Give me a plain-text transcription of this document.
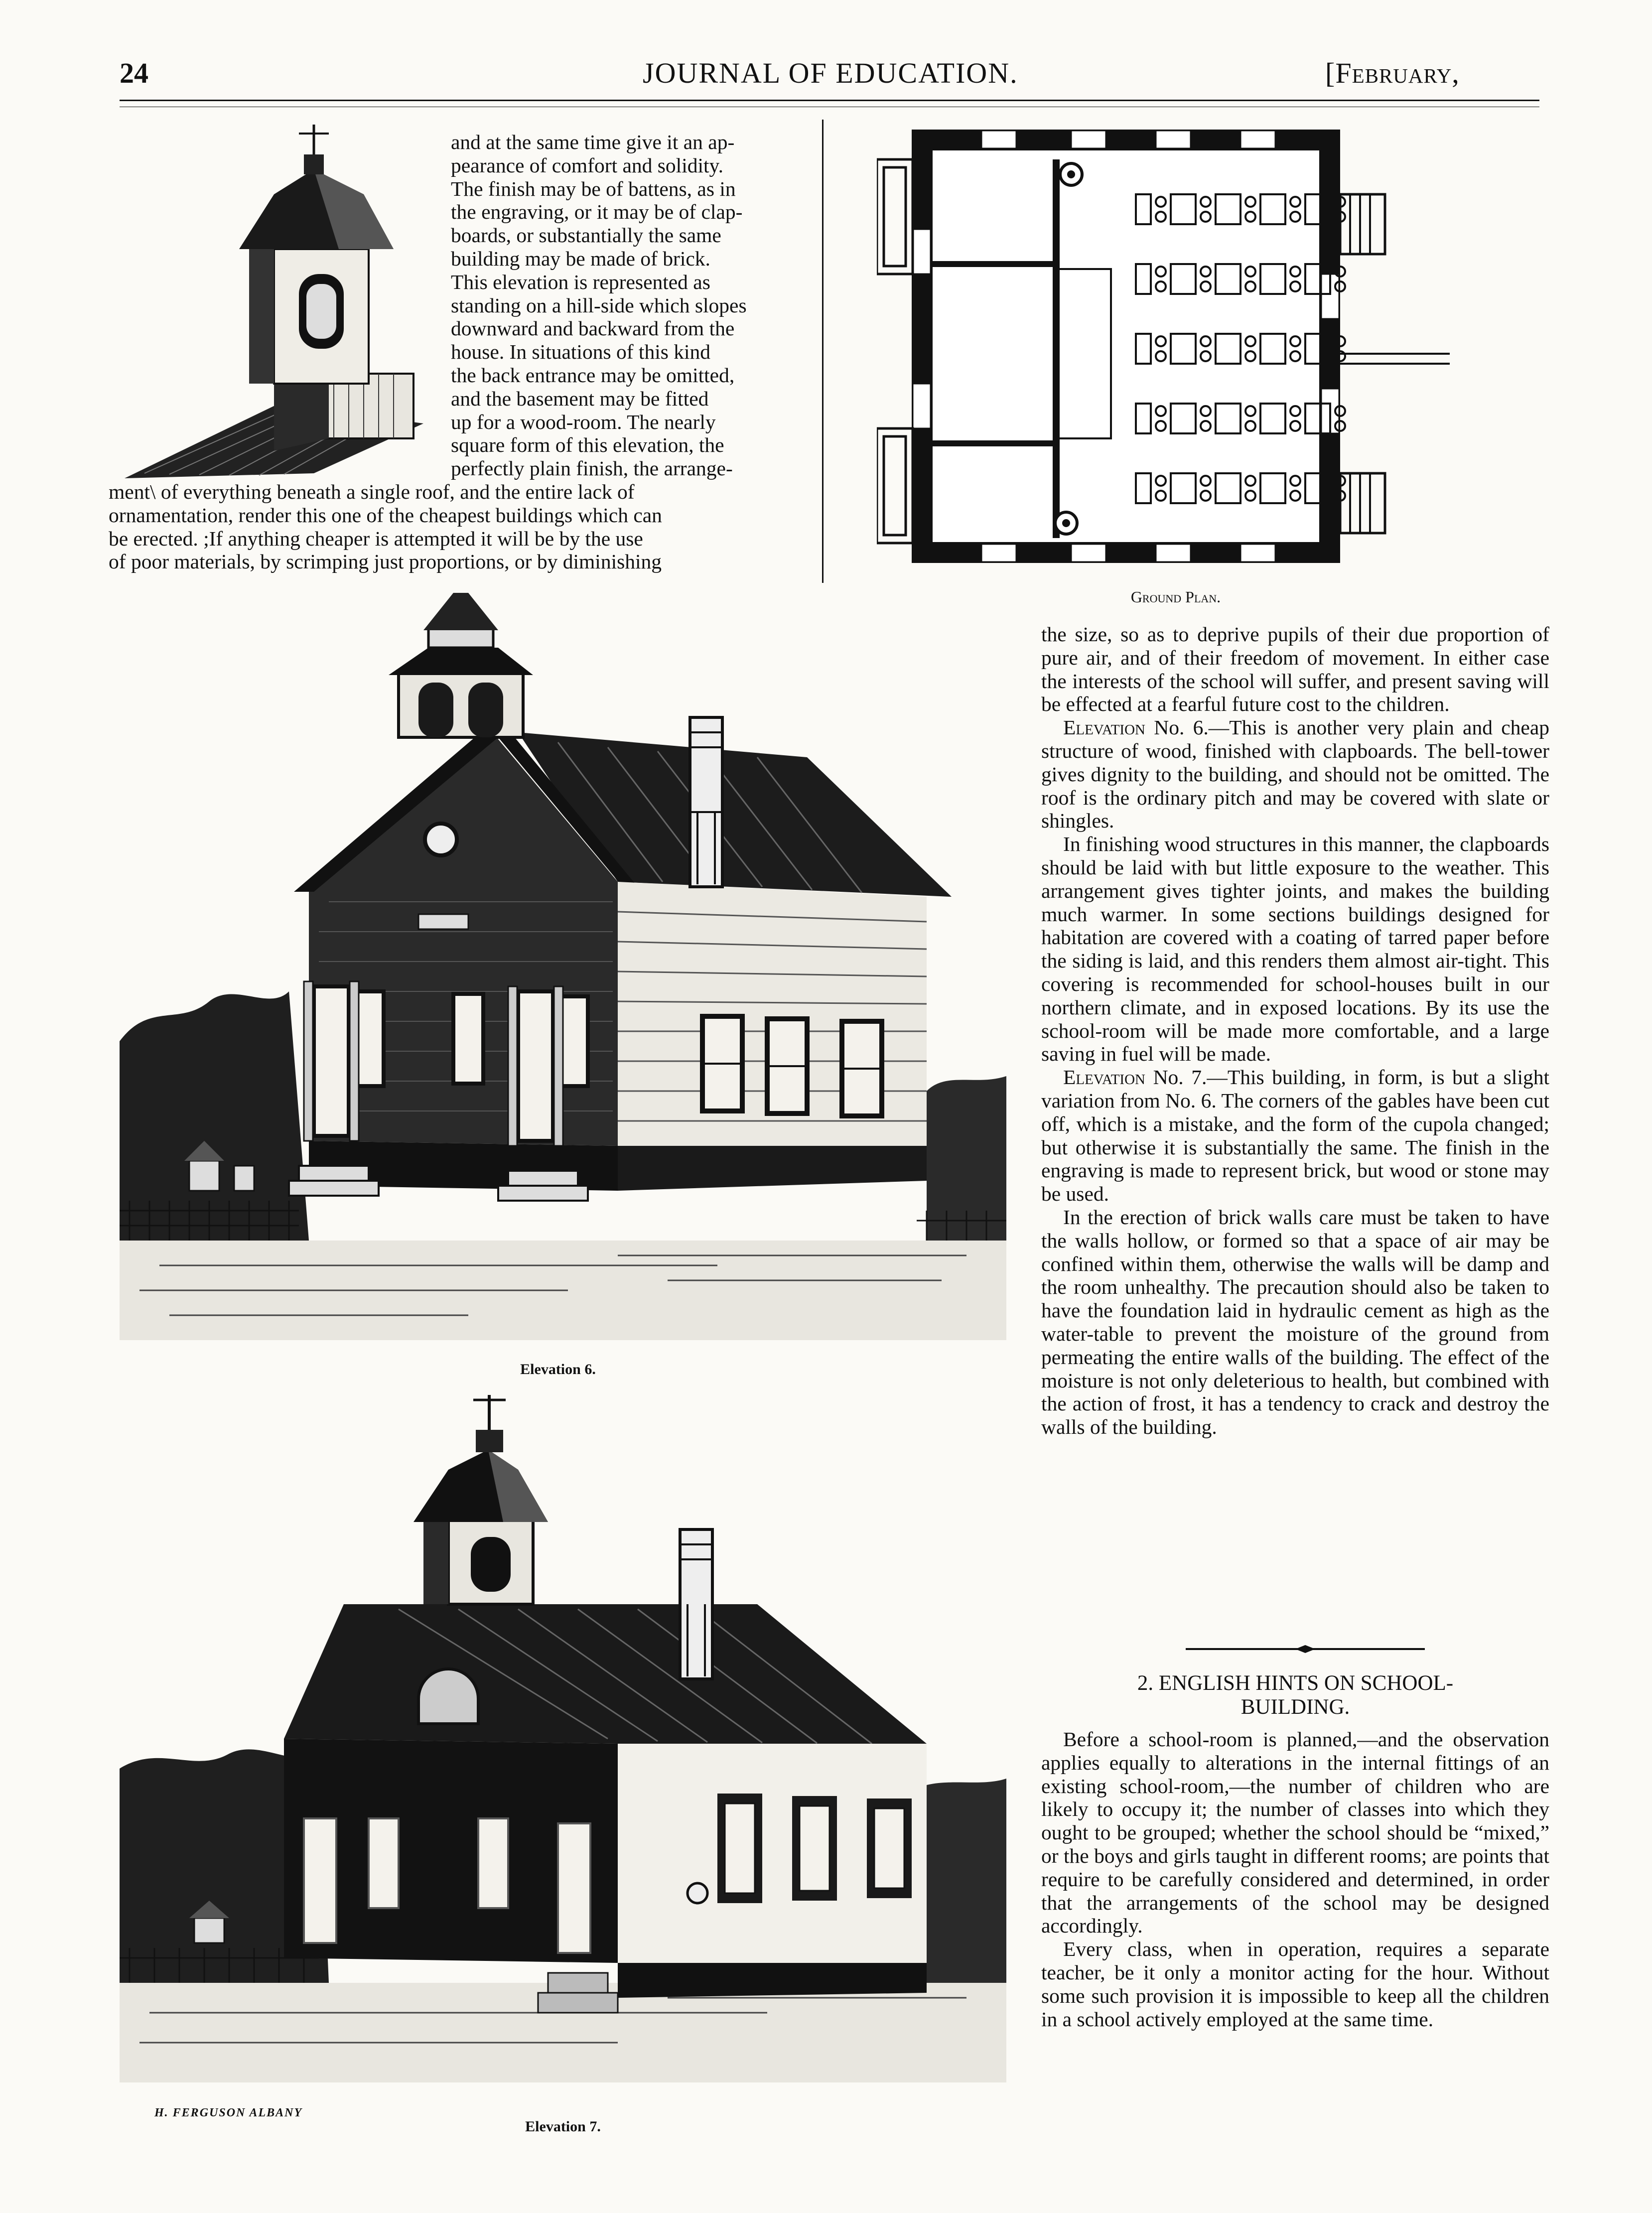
24	JOURNAL OF EDUCATION.	[February,
and at the same time give it an ap-
pearance of comfort and solidity.
The finish may be of battens, as in
the engraving, or it may be of clap-
boards, or substantially the same
building may be made of brick.
This elevation is represented as
standing on a hill-side which slopes
downward and backward from the
house. In situations of this kind
the back entrance may be omitted,
and the basement may be fitted
up for a wood-room. The nearly
square form of this elevation, the
perfectly plain finish, the arrange-
ment\ of everything beneath a single roof, and the entire lack of
ornamentation, render this one of the cheapest buildings which can
be erected. ;If anything cheaper is attempted it will be by the use
of poor materials, by scrimping just proportions, or by diminishing
Ground Plan.
Elevation 6.
H. FERGUSON ALBANY
Elevation 7.

the size, so as to deprive pupils of their due proportion of pure air, and of their freedom of movement. In either case the interests of the school will suffer, and present saving will be effected at a fearful future cost to the children.

Elevation No. 6.—This is another very plain and cheap structure of wood, finished with clapboards. The bell-tower gives dignity to the building, and should not be omitted. The roof is the ordinary pitch and may be covered with slate or shingles.

In finishing wood structures in this manner, the clapboards should be laid with but little exposure to the weather. This arrangement gives tighter joints, and makes the building much warmer. In some sections buildings designed for habitation are covered with a coating of tarred paper before the siding is laid, and this renders them almost air-tight. This covering is recommended for school-houses built in our northern climate, and in exposed locations. By its use the school-room will be made more comfortable, and a large saving in fuel will be made.

Elevation No. 7.—This building, in form, is but a slight variation from No. 6. The corners of the gables have been cut off, which is a mistake, and the form of the cupola changed; but otherwise it is substantially the same. The finish in the engraving is made to represent brick, but wood or stone may be used.

In the erection of brick walls care must be taken to have the walls hollow, or formed so that a space of air may be confined within them, otherwise the walls will be damp and the room unhealthy. The precaution should also be taken to have the foundation laid in hydraulic cement as high as the water-table to prevent the moisture of the ground from permeating the entire walls of the building. The effect of the moisture is not only deleterious to health, but combined with the action of frost, it has a tendency to crack and destroy the walls of the building.

2. ENGLISH HINTS ON SCHOOL-
BUILDING.

Before a school-room is planned,—and the observation applies equally to alterations in the internal fittings of an existing school-room,—the number of children who are likely to occupy it; the number of classes into which they ought to be grouped; whether the school should be “mixed,” or the boys and girls taught in different rooms; are points that require to be carefully considered and determined, in order that the arrangements of the school may be designed accordingly.

Every class, when in operation, requires a separate teacher, be it only a monitor acting for the hour. Without some such provision it is impossible to keep all the children in a school actively employed at the same time.
